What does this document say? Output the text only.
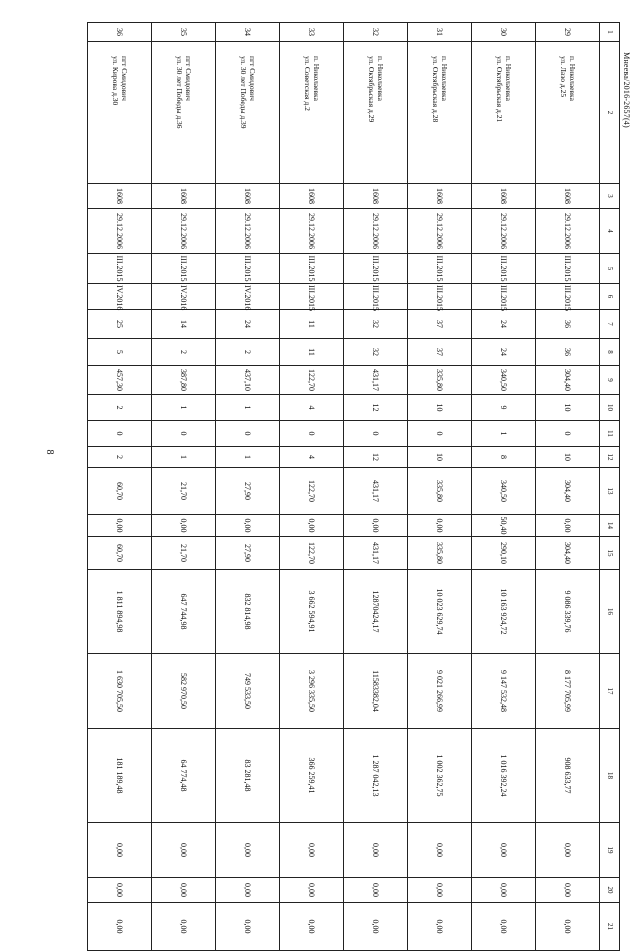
8
Мнеева/2016-2657(4)
1	2	3	4	5	6	7	8	9	10	11	12	13	14	15	16	17	18	19	20	21
29	п. Николаевка
ул. Лазо д.25	1608	29.12.2006	III.2015	III.2015	36	36	304,40	10	0	10	304,40	0,00	304,40	9 086 339,76	8 177 705,99	908 633,77	0,00	0,00	0,00
30	п. Николаевка
ул. Октябрьская д.21	1608	29.12.2006	III.2015	III.2015	24	24	340,50	9	1	8	340,50	50,40	290,10	10 163 924,72	9 147 532,48	1 016 392,24	0,00	0,00	0,00
31	п. Николаевка
ул. Октябрьская д.28	1608	29.12.2006	III.2015	III.2015	37	37	335,80	10	0	10	335,80	0,00	335,80	10 023 629,74	9 021 266,99	1 002 362,75	0,00	0,00	0,00
32	п. Николаевка
ул. Октябрьская д.29	1608	29.12.2006	III.2015	III.2015	32	32	431,17	12	0	12	431,17	0,00	431,17	12870424,17	11583382,04	1 287 042,13	0,00	0,00	0,00
33	п. Николаевка
ул. Советская д.2	1608	29.12.2006	III.2015	III.2015	11	11	122,70	4	0	4	122,70	0,00	122,70	3 662 594,91	3 296 335,50	366 259,41	0,00	0,00	0,00
34	пгт Смидович
ул. 30 лет Победы д.39	1608	29.12.2006	III.2015	IV.2016	24	2	437,10	1	0	1	27,90	0,00	27,90	832 814,98	749 533,50	83 281,48	0,00	0,00	0,00
35	пгт Смидович
ул. 30 лет Победы д.36	1608	29.12.2006	III.2015	IV.2016	14	2	387,80	1	0	1	21,70	0,00	21,70	647 744,98	582 970,50	64 774,48	0,00	0,00	0,00
36	пгт Смидович
ул. Кирова д.30	1608	29.12.2006	III.2015	IV.2016	25	5	457,30	2	0	2	60,70	0,00	60,70	1 811 894,98	1 630 705,50	181 189,48	0,00	0,00	0,00
